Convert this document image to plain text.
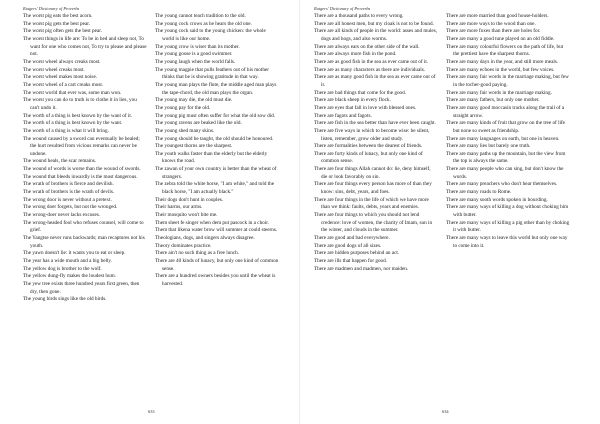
Rutgers' Dictionary of Proverbs

The worst pig eats the best acorn.

The worst pig gets the best pear.

The worst pig often gets the best pear.

The worst things in life are: To be in bed and sleep not, To want for one who comes not, To try to please and please not.

The worst wheel always creaks most.

The worst wheel creaks most.

The worst wheel makes most noise.

The worst wheel of a cart creaks most.

The worst world that ever was, some man won.

The worst you can do to truth is to clothe it in lies, you can't undo it.

The worth of a thing is best known by the want of it.

The worth of a thing is best known by the want.

The worth of a thing is what it will bring.

The wound caused by a sword can eventually be healed; the hurt resulted from vicious remarks can never be undone.

The wound heals, the scar remains.

The wound of words is worse than the wound of swords.

The wound that bleeds inwardly is the most dangerous.

The wrath of brothers is fierce and devilish.

The wrath of brothers is the wrath of devils.

The wrong door is never without a pretext.

The wrong doer forgets, but not the wronged.

The wrong-doer never lacks excuses.

The wrong-headed fool who refuses counsel, will come to grief.

The Yangtse never runs backwards; man recaptures not his youth.

The yawn doesn't lie: it wants you to eat or sleep.

The year has a wide mouth and a big belly.

The yellow dog is brother to the wolf.

The yellow dung-fly makes the loudest hum.

The yew tree exists three hundred years first green, then dry, then gone.

The young birds sings like the old birds.

The young cannot teach tradition to the old.

The young cock crows as he hears the old one.

The young cock said to the young chicken: the whole world is like our home.

The young crow is wiser than its mother.

The young goose is a good swimmer.

The young laugh when the world falls.

The young magpie that pulls feathers out of his mother thinks that he is showing gratitude in that way.

The young man plays the flute, the middle aged man plays the tape-chord, the old man plays the organ.

The young may die, the old must die.

The young pay for the old.

The young pig must often suffer for what the old sow did.

The young ravens are beaked like the old.

The young shed many skins.

The young should be taught, the old should be honoured.

The youngest thorns are the sharpest.

The youth walks faster than the elderly but the elderly knows the road.

The zawan of your own country is better than the wheat of strangers.

The zebra told the white horse, "I am white," and told the black horse, "I am actually black."

Their dogs don't hunt in couples.

Their harms, our arms.

Their mosquito won't bite me.

Them sheet fe singer when dem put pascock in a choir.

Them that likena water brow will summer at could steerns.

Theologians, dogs, and singers always disagree.

Theory dominates practice.

There ain't no such thing as a free lunch.

There are 40 kinds of lunacy, but only one kind of common sense.

There are a hundred owners besides you until the wheat is harvested.

633
Rutgers' Dictionary of Proverbs

There are a thousand paths to every wrong.

There are all honest men, but my cloak is not to be found.

There are all kinds of people in the world: asses and mules, dogs and hogs, and also worms.

There are always ears on the other side of the wall.

There are always more fish in the pond.

There are as good fish in the sea as ever came out of it.

There are as many characters as there are individuals.

There are as many good fish in the sea as ever came out of it.

There are bad things that come for the good.

There are black sheep in every flock.

There are eyes that fall in love with blessed ones.

There are fagots and fagots.

There are fish in the sea better than have ever been caught.

There are five ways in which to become wise: be silent, listen, remember, grow older and study.

There are formalities between the dearest of friends.

There are forty kinds of lunacy, but only one kind of common sense.

There are four things Allah cannot do: lie, deny himself, die or look favorably on sin.

There are four things every person has more of than they know: sins, debt, years, and foes.

There are four things in the life of which we have more than we think: faults, debts, years and enemies.

There are four things to which you should not lend credence: love of women, the charity of Imam, sun in the winter, and clouds in the summer.

There are good and bad everywhere.

There are good dogs of all sizes.

There are hidden purposes behind an act.

There are ills that happen for good.

There are madmen and madmen, nor maiden.

There are more married than good house-holders.

There are more ways to the wood than one.

There are more foxes than there are holes for.

There are many a good tune played on an old fiddle.

There are many colourful flowers on the path of life, but the prettiest have the sharpest thorns.

There are many days in the year, and still more meals.

There are many echoes in the world, but few voices.

There are many fair words in the marriage making, but few in the tocher-good paying.

There are many fair words in the marriage making.

There are many fathers, but only one mother.

There are many good moccasin tracks along the trail of a straight arrow.

There are many kinds of fruit that grow on the tree of life but none so sweet as friendship.

There are many languages on earth, but one in heaven.

There are many lies but barely one truth.

There are many paths up the mountain, but the view from the top is always the same.

There are many people who can sing, but don't know the words.

There are many preachers who don't hear themselves.

There are many roads to Rome.

There are many sooth words spoken in bourding.

There are many ways of killing a dog without choking him with butter.

There are many ways of killing a pig other than by choking it with butter.

There are many ways to leave this world but only one way to come into it.

634
